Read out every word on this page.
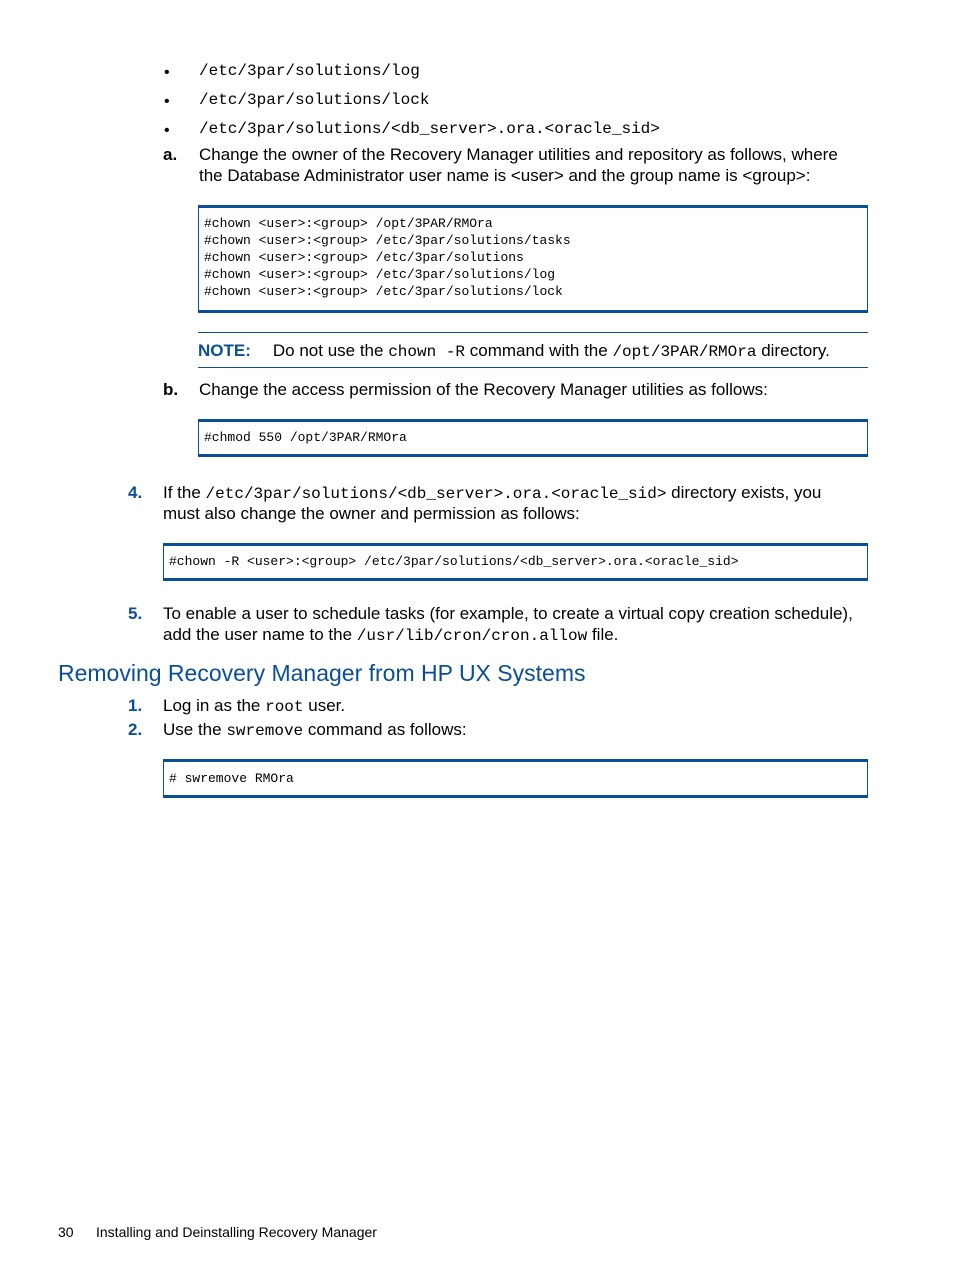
• /etc/3par/solutions/log
• /etc/3par/solutions/lock
• /etc/3par/solutions/<db_server>.ora.<oracle_sid>
a. Change the owner of the Recovery Manager utilities and repository as follows, where
the Database Administrator user name is <user> and the group name is <group>:
#chown <user>:<group> /opt/3PAR/RMOra
#chown <user>:<group> /etc/3par/solutions/tasks
#chown <user>:<group> /etc/3par/solutions
#chown <user>:<group> /etc/3par/solutions/log
#chown <user>:<group> /etc/3par/solutions/lock
NOTE: Do not use the chown -R command with the /opt/3PAR/RMOra directory.
b. Change the access permission of the Recovery Manager utilities as follows:
#chmod 550 /opt/3PAR/RMOra
4. If the /etc/3par/solutions/<db_server>.ora.<oracle_sid> directory exists, you
must also change the owner and permission as follows:
#chown -R <user>:<group> /etc/3par/solutions/<db_server>.ora.<oracle_sid>
5. To enable a user to schedule tasks (for example, to create a virtual copy creation schedule),
add the user name to the /usr/lib/cron/cron.allow file.
Removing Recovery Manager from HP UX Systems
1. Log in as the root user.
2. Use the swremove command as follows:
# swremove RMOra
30 Installing and Deinstalling Recovery Manager
